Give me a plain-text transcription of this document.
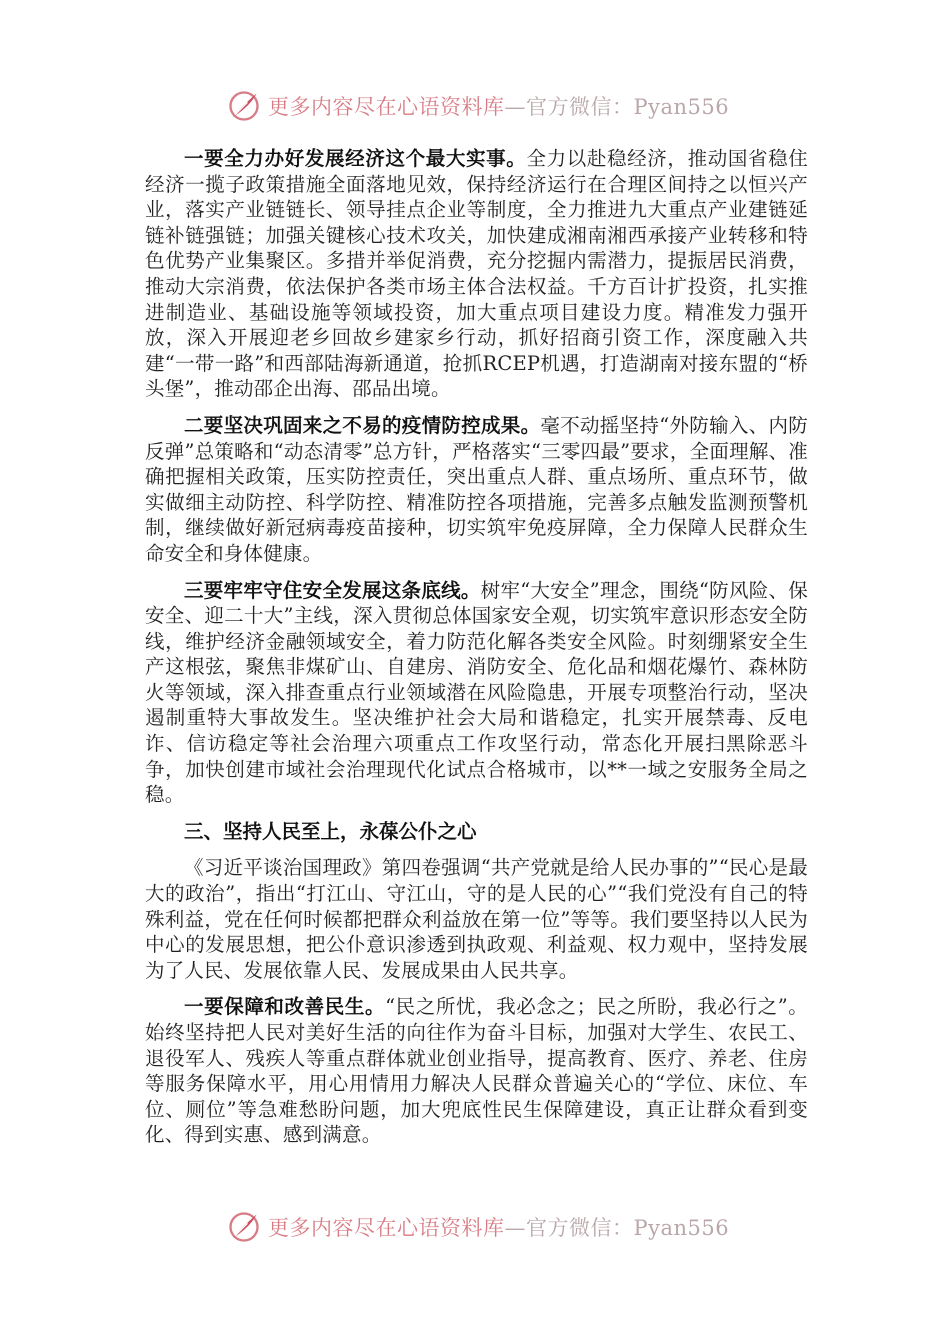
更多内容尽在心语资料库—官方微信：Pyan556

一要全力办好发展经济这个最大实事。全力以赴稳经济，推动国省稳住经济一揽子政策措施全面落地见效，保持经济运行在合理区间持之以恒兴产业，落实产业链链长、领导挂点企业等制度，全力推进九大重点产业建链延链补链强链；加强关键核心技术攻关，加快建成湘南湘西承接产业转移和特色优势产业集聚区。多措并举促消费，充分挖掘内需潜力，提振居民消费，推动大宗消费，依法保护各类市场主体合法权益。千方百计扩投资，扎实推进制造业、基础设施等领域投资，加大重点项目建设力度。精准发力强开放，深入开展迎老乡回故乡建家乡行动，抓好招商引资工作，深度融入共建“一带一路”和西部陆海新通道，抢抓RCEP机遇，打造湖南对接东盟的“桥头堡”，推动邵企出海、邵品出境。

二要坚决巩固来之不易的疫情防控成果。毫不动摇坚持“外防输入、内防反弹”总策略和“动态清零”总方针，严格落实“三零四最”要求，全面理解、准确把握相关政策，压实防控责任，突出重点人群、重点场所、重点环节，做实做细主动防控、科学防控、精准防控各项措施，完善多点触发监测预警机制，继续做好新冠病毒疫苗接种，切实筑牢免疫屏障，全力保障人民群众生命安全和身体健康。

三要牢牢守住安全发展这条底线。树牢“大安全”理念，围绕“防风险、保安全、迎二十大”主线，深入贯彻总体国家安全观，切实筑牢意识形态安全防线，维护经济金融领域安全，着力防范化解各类安全风险。时刻绷紧安全生产这根弦，聚焦非煤矿山、自建房、消防安全、危化品和烟花爆竹、森林防火等领域，深入排查重点行业领域潜在风险隐患，开展专项整治行动，坚决遏制重特大事故发生。坚决维护社会大局和谐稳定，扎实开展禁毒、反电诈、信访稳定等社会治理六项重点工作攻坚行动，常态化开展扫黑除恶斗争，加快创建市域社会治理现代化试点合格城市，以**一域之安服务全局之稳。

三、坚持人民至上，永葆公仆之心

《习近平谈治国理政》第四卷强调“共产党就是给人民办事的”“民心是最大的政治”，指出“打江山、守江山，守的是人民的心”“我们党没有自己的特殊利益，党在任何时候都把群众利益放在第一位”等等。我们要坚持以人民为中心的发展思想，把公仆意识渗透到执政观、利益观、权力观中，坚持发展为了人民、发展依靠人民、发展成果由人民共享。

一要保障和改善民生。“民之所忧，我必念之；民之所盼，我必行之”。始终坚持把人民对美好生活的向往作为奋斗目标，加强对大学生、农民工、退役军人、残疾人等重点群体就业创业指导，提高教育、医疗、养老、住房等服务保障水平，用心用情用力解决人民群众普遍关心的“学位、床位、车位、厕位”等急难愁盼问题，加大兜底性民生保障建设，真正让群众看到变化、得到实惠、感到满意。

更多内容尽在心语资料库—官方微信：Pyan556
